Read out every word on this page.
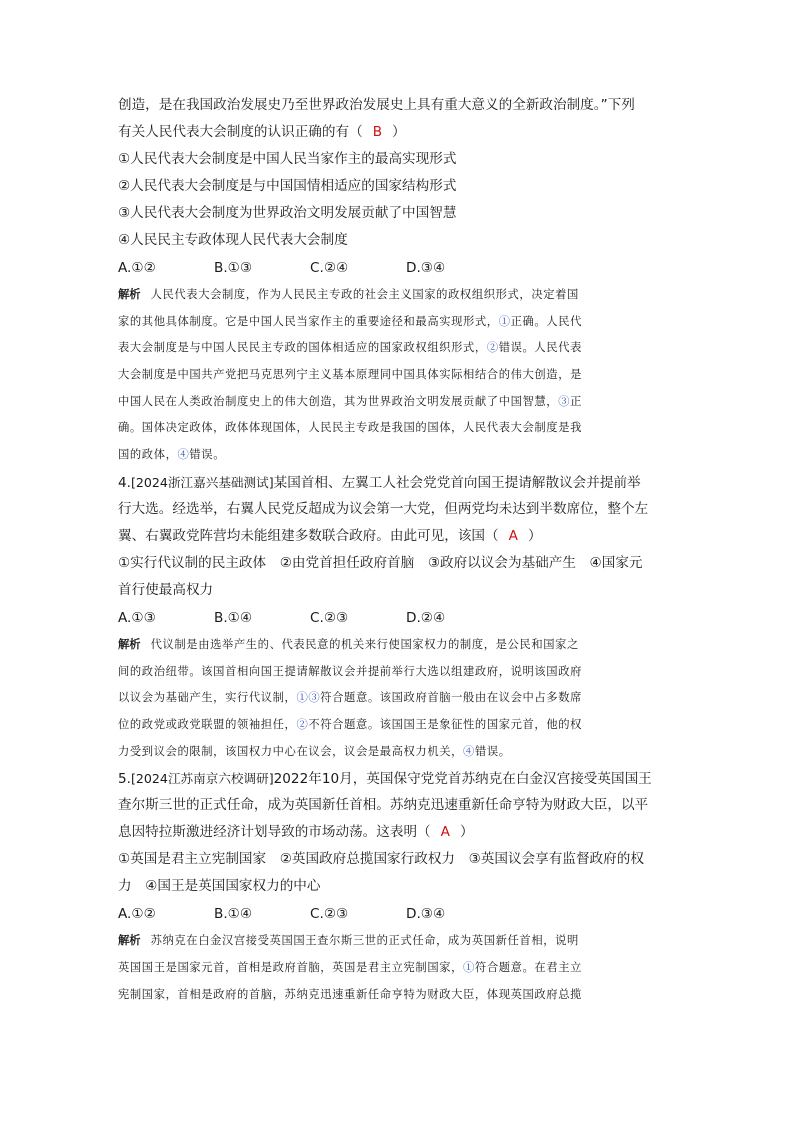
创造，是在我国政治发展史乃至世界政治发展史上具有重大意义的全新政治制度。”下列
有关人民代表大会制度的认识正确的有（ B ）
①人民代表大会制度是中国人民当家作主的最高实现形式
②人民代表大会制度是与中国国情相适应的国家结构形式
③人民代表大会制度为世界政治文明发展贡献了中国智慧
④人民民主专政体现人民代表大会制度
A.①②	B.①③	C.②④	D.③④
解析 人民代表大会制度，作为人民民主专政的社会主义国家的政权组织形式，决定着国
家的其他具体制度。它是中国人民当家作主的重要途径和最高实现形式，①正确。人民代
表大会制度是与中国人民民主专政的国体相适应的国家政权组织形式，②错误。人民代表
大会制度是中国共产党把马克思列宁主义基本原理同中国具体实际相结合的伟大创造，是
中国人民在人类政治制度史上的伟大创造，其为世界政治文明发展贡献了中国智慧，③正
确。国体决定政体，政体体现国体，人民民主专政是我国的国体，人民代表大会制度是我
国的政体，④错误。
4.[2024浙江嘉兴基础测试]某国首相、左翼工人社会党党首向国王提请解散议会并提前举
行大选。经选举，右翼人民党反超成为议会第一大党，但两党均未达到半数席位，整个左
翼、右翼政党阵营均未能组建多数联合政府。由此可见，该国（ A ）
①实行代议制的民主政体　②由党首担任政府首脑　③政府以议会为基础产生　④国家元
首行使最高权力
A.①③	B.①④	C.②③	D.②④
解析 代议制是由选举产生的、代表民意的机关来行使国家权力的制度，是公民和国家之
间的政治纽带。该国首相向国王提请解散议会并提前举行大选以组建政府，说明该国政府
以议会为基础产生，实行代议制，①③符合题意。该国政府首脑一般由在议会中占多数席
位的政党或政党联盟的领袖担任，②不符合题意。该国国王是象征性的国家元首，他的权
力受到议会的限制，该国权力中心在议会，议会是最高权力机关，④错误。
5.[2024江苏南京六校调研]2022年10月，英国保守党党首苏纳克在白金汉宫接受英国国王
查尔斯三世的正式任命，成为英国新任首相。苏纳克迅速重新任命亨特为财政大臣，以平
息因特拉斯激进经济计划导致的市场动荡。这表明（ A ）
①英国是君主立宪制国家　②英国政府总揽国家行政权力　③英国议会享有监督政府的权
力　④国王是英国国家权力的中心
A.①②	B.①④	C.②③	D.③④
解析 苏纳克在白金汉宫接受英国国王查尔斯三世的正式任命，成为英国新任首相，说明
英国国王是国家元首，首相是政府首脑，英国是君主立宪制国家，①符合题意。在君主立
宪制国家，首相是政府的首脑，苏纳克迅速重新任命亨特为财政大臣，体现英国政府总揽
